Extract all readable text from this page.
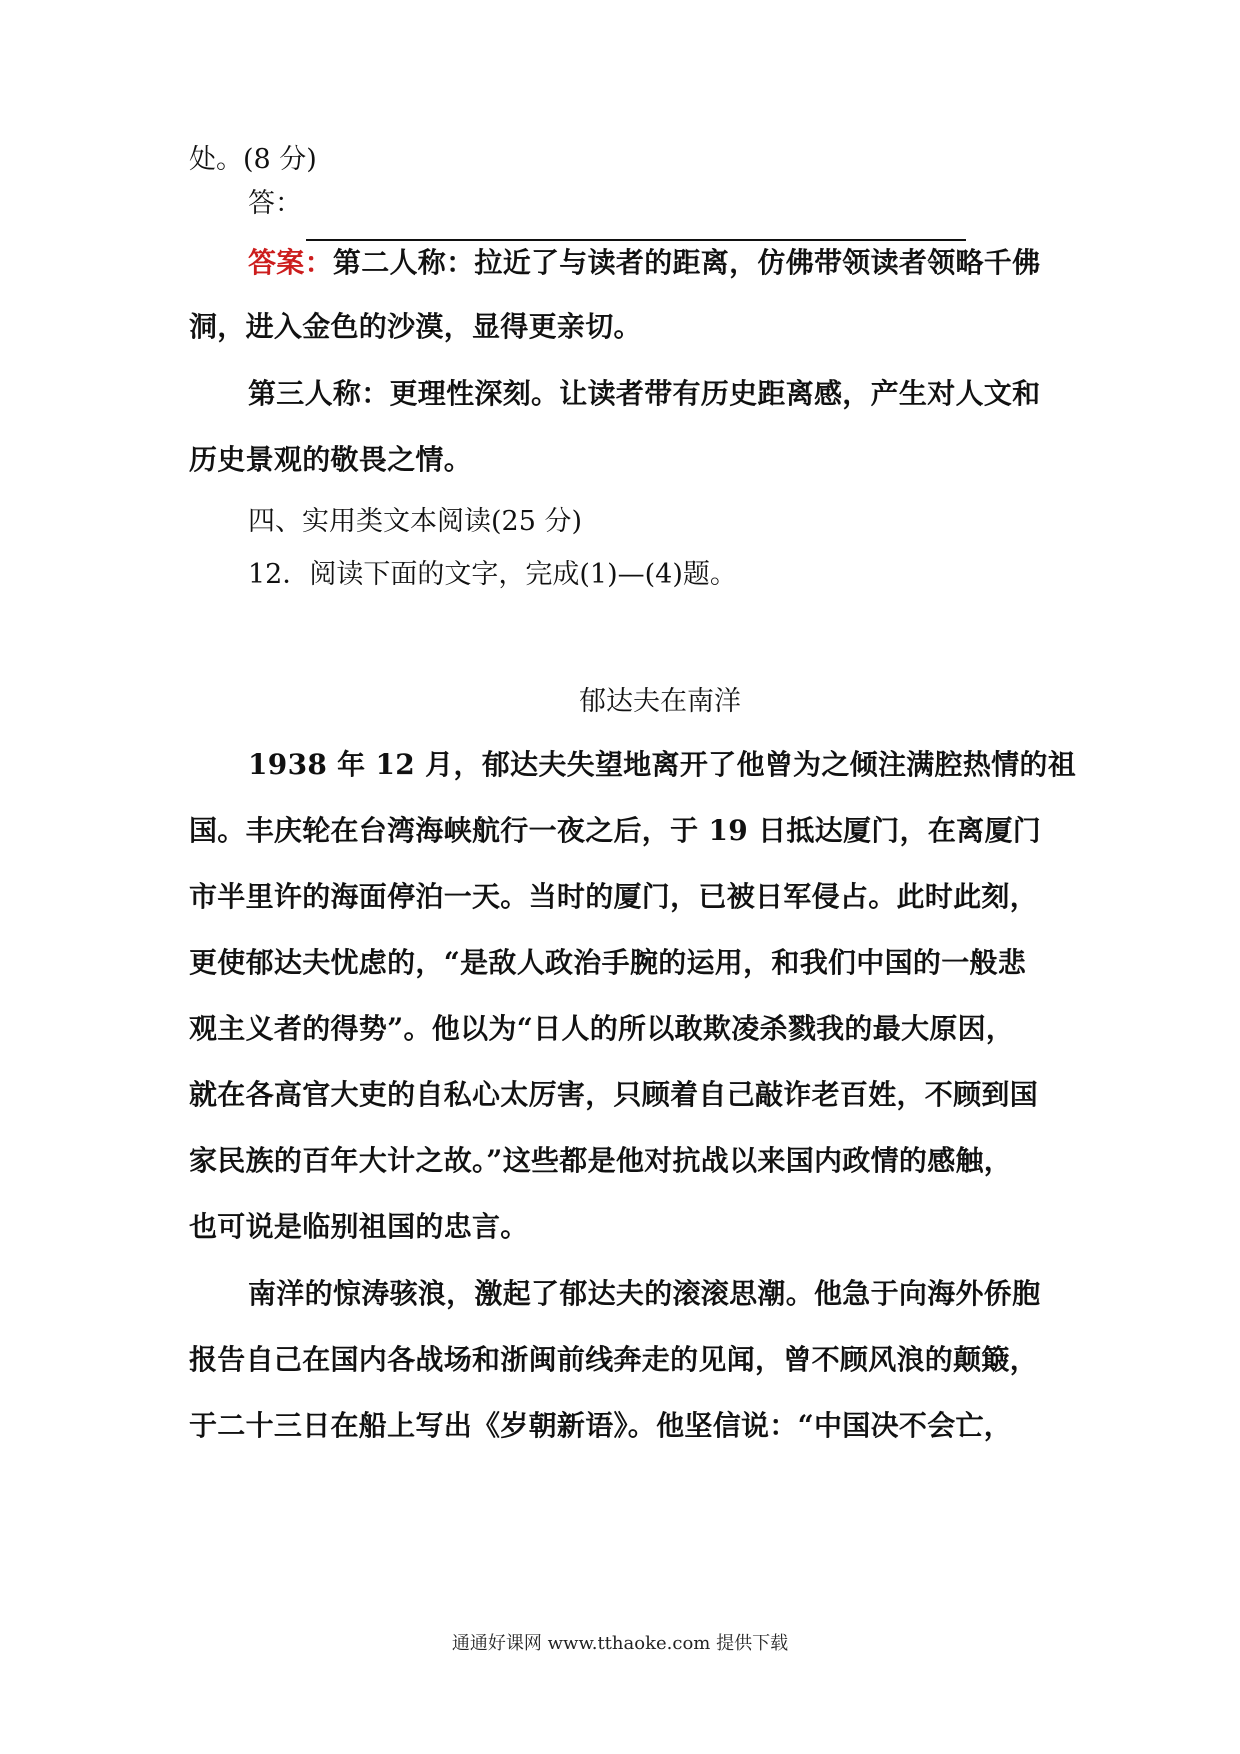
处。(8 分)

答：

答案：第二人称：拉近了与读者的距离，仿佛带领读者领略千佛

洞，进入金色的沙漠，显得更亲切。

第三人称：更理性深刻。让读者带有历史距离感，产生对人文和

历史景观的敬畏之情。

四、实用类文本阅读(25 分)

12．阅读下面的文字，完成(1)—(4)题。

郁达夫在南洋

1938 年 12 月，郁达夫失望地离开了他曾为之倾注满腔热情的祖

国。丰庆轮在台湾海峡航行一夜之后，于 19 日抵达厦门，在离厦门

市半里许的海面停泊一天。当时的厦门，已被日军侵占。此时此刻，

更使郁达夫忧虑的，“是敌人政治手腕的运用，和我们中国的一般悲

观主义者的得势”。他以为“日人的所以敢欺凌杀戮我的最大原因，

就在各高官大吏的自私心太厉害，只顾着自己敲诈老百姓，不顾到国

家民族的百年大计之故。”这些都是他对抗战以来国内政情的感触，

也可说是临别祖国的忠言。

南洋的惊涛骇浪，激起了郁达夫的滚滚思潮。他急于向海外侨胞

报告自己在国内各战场和浙闽前线奔走的见闻，曾不顾风浪的颠簸，

于二十三日在船上写出《岁朝新语》。他坚信说：“中国决不会亡，

通通好课网 www.tthaoke.com 提供下载
